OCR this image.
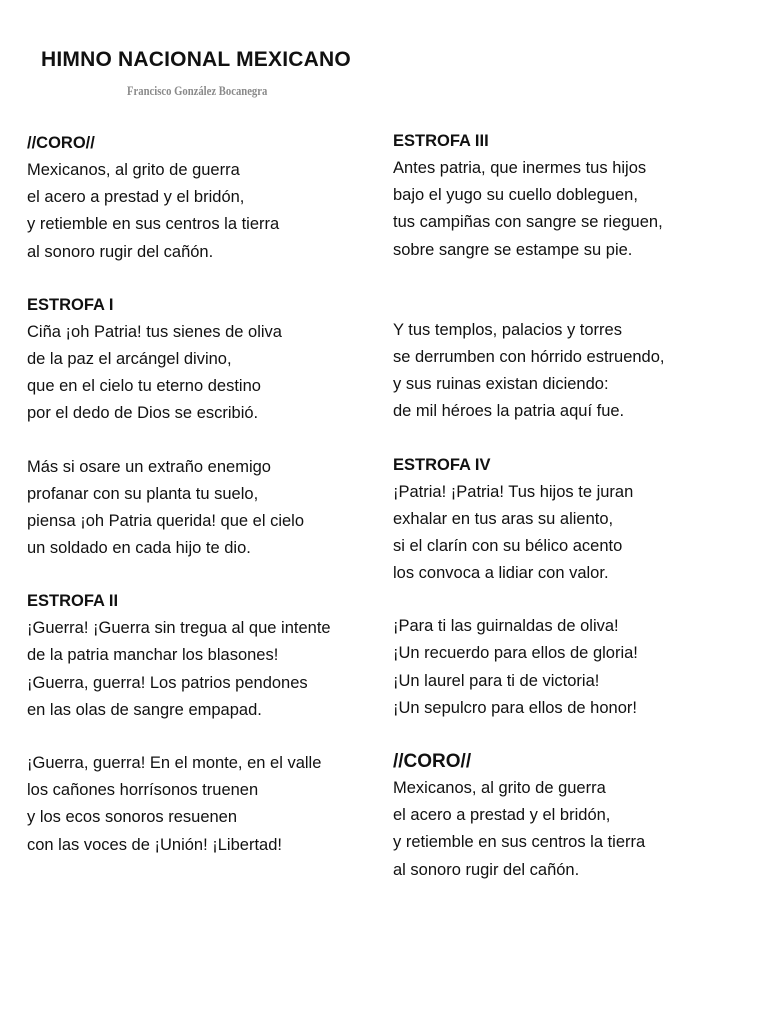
HIMNO NACIONAL MEXICANO
Francisco González Bocanegra
//CORO//
Mexicanos, al grito de guerra
el acero a prestad y el bridón,
y retiemble en sus centros la tierra
al sonoro rugir del cañón.
ESTROFA I
Ciña ¡oh Patria! tus sienes de oliva
de la paz el arcángel divino,
que en el cielo tu eterno destino
por el dedo de Dios se escribió.
Más si osare un extraño enemigo
profanar con su planta tu suelo,
piensa ¡oh Patria querida! que el cielo
un soldado en cada hijo te dio.
ESTROFA II
¡Guerra! ¡Guerra sin tregua al que intente
de la patria manchar los blasones!
¡Guerra, guerra! Los patrios pendones
en las olas de sangre empapad.
¡Guerra, guerra! En el monte, en el valle
los cañones horrísonos truenen
y los ecos sonoros resuenen
con las voces de ¡Unión! ¡Libertad!
ESTROFA III
Antes patria, que inermes tus hijos
bajo el yugo su cuello dobleguen,
tus campiñas con sangre se rieguen,
sobre sangre se estampe su pie.
Y tus templos, palacios y torres
se derrumben con hórrido estruendo,
y sus ruinas existan diciendo:
de mil héroes la patria aquí fue.
ESTROFA IV
¡Patria! ¡Patria! Tus hijos te juran
exhalar en tus aras su aliento,
si el clarín con su bélico acento
los convoca a lidiar con valor.
¡Para ti las guirnaldas de oliva!
¡Un recuerdo para ellos de gloria!
¡Un laurel para ti de victoria!
¡Un sepulcro para ellos de honor!
//CORO//
Mexicanos, al grito de guerra
el acero a prestad y el bridón,
y retiemble en sus centros la tierra
al sonoro rugir del cañón.
